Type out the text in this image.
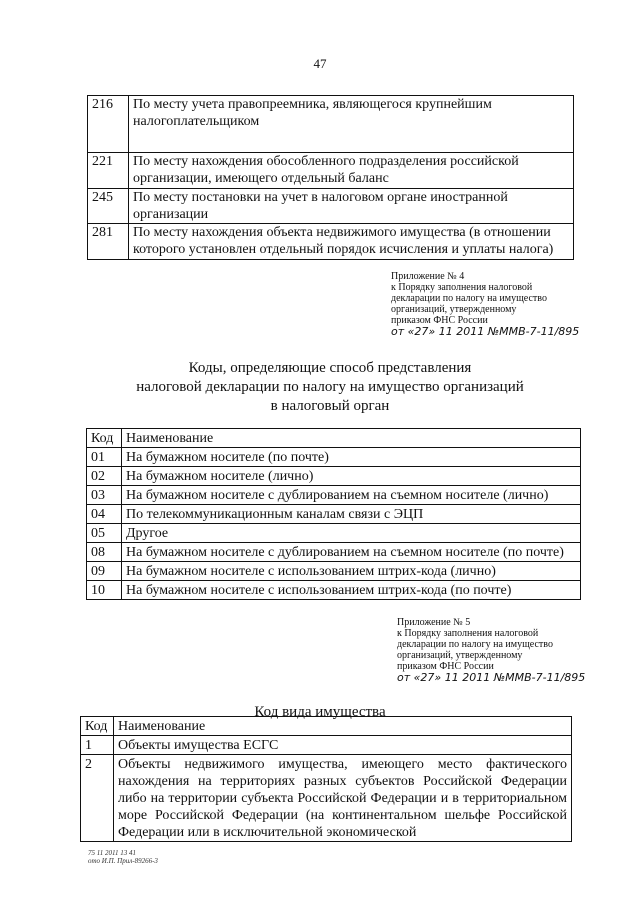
47
216	По месту учета правопреемника, являющегося крупнейшим налогоплательщиком
221	По месту нахождения обособленного подразделения российской организации, имеющего отдельный баланс
245	По месту постановки на учет в налоговом органе иностранной организации
281	По месту нахождения объекта недвижимого имущества (в отношении которого установлен отдельный порядок исчисления и уплаты налога)
Приложение № 4
к Порядку заполнения налоговой
декларации по налогу на имущество
организаций, утвержденному
приказом ФНС России
от «27» 11 2011 №ММВ-7-11/895
Коды, определяющие способ представления
налоговой декларации по налогу на имущество организаций
в налоговый орган
Код	Наименование
01	На бумажном носителе (по почте)
02	На бумажном носителе (лично)
03	На бумажном носителе с дублированием на съемном носителе (лично)
04	По телекоммуникационным каналам связи с ЭЦП
05	Другое
08	На бумажном носителе с дублированием на съемном носителе (по почте)
09	На бумажном носителе с использованием штрих-кода (лично)
10	На бумажном носителе с использованием штрих-кода (по почте)
Приложение № 5
к Порядку заполнения налоговой
декларации по налогу на имущество
организаций, утвержденному
приказом ФНС России
от «27» 11 2011 №ММВ-7-11/895
Код вида имущества
Код	Наименование
1	Объекты имущества ЕСГС
2	Объекты недвижимого имущества, имеющего место фактического нахождения на территориях разных субъектов Российской Федерации либо на территории субъекта Российской Федерации и в территориальном море Российской Федерации (на континентальном шельфе Российской Федерации или в исключительной экономической
75 11 2011 13 41
ото И.П. Прил-89266-3
